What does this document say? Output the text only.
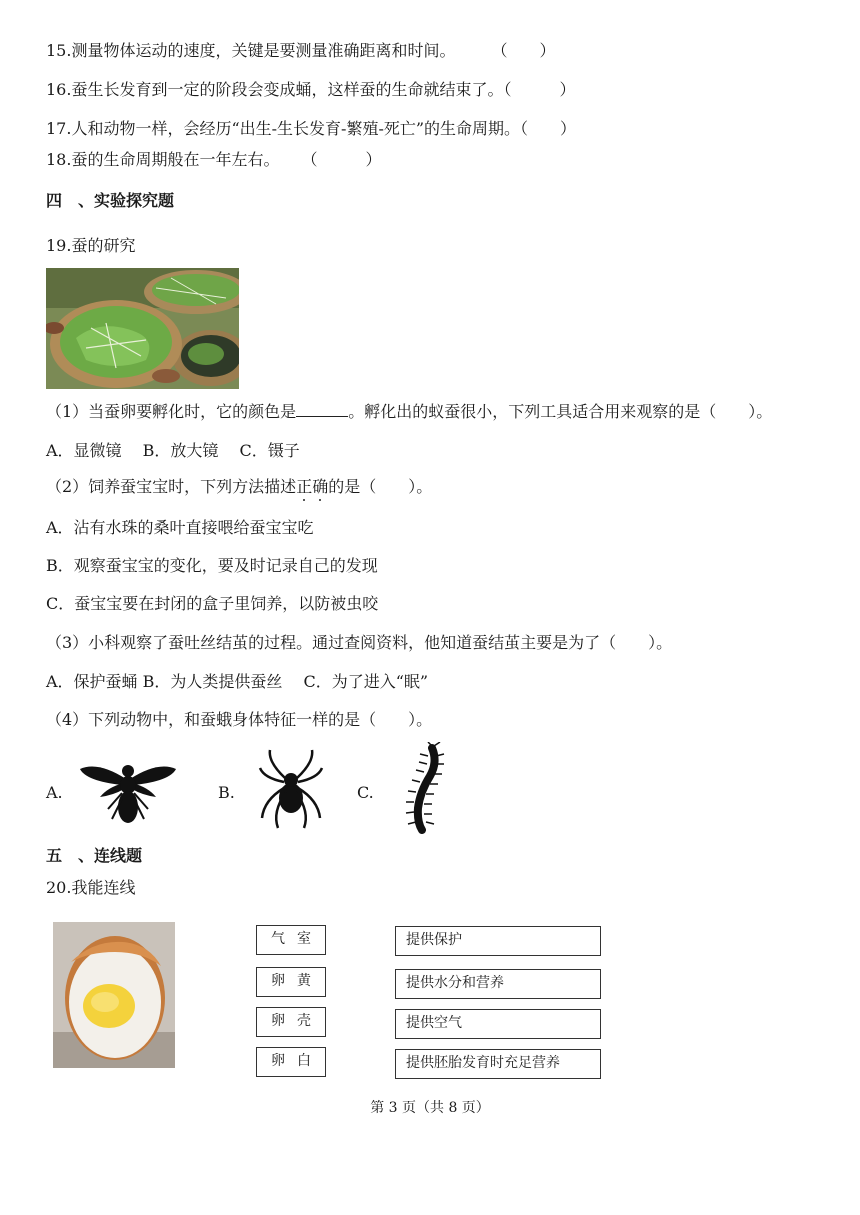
15.测量物体运动的速度，关键是要测量准确距离和时间。 （　　）
16.蚕生长发育到一定的阶段会变成蛹，这样蚕的生命就结束了。（　　　）
17.人和动物一样，会经历“出生-生长发育-繁殖-死亡”的生命周期。（　　）
18.蚕的生命周期般在一年左右。 （　　　）
四　、实验探究题
19.蚕的研究
（1）当蚕卵要孵化时，它的颜色是	。孵化出的蚁蚕很小，下列工具适合用来观察的是（　　）。
A．显微镜　 B．放大镜　 C．镊子
（2）饲养蚕宝宝时，下列方法描述正确的是（　　）。
A．沾有水珠的桑叶直接喂给蚕宝宝吃
B．观察蚕宝宝的变化，要及时记录自己的发现
C．蚕宝宝要在封闭的盒子里饲养，以防被虫咬
（3）小科观察了蚕吐丝结茧的过程。通过查阅资料，他知道蚕结茧主要是为了（　　）。
A．保护蚕蛹 B．为人类提供蚕丝　 C．为了进入“眠”
（4）下列动物中，和蚕蛾身体特征一样的是（　　）。
A.	B.	C.
五　、连线题
20.我能连线
气室
卵黄
卵壳
卵白
提供保护
提供水分和营养
提供空气
提供胚胎发育时充足营养
第 3 页（共 8 页）
